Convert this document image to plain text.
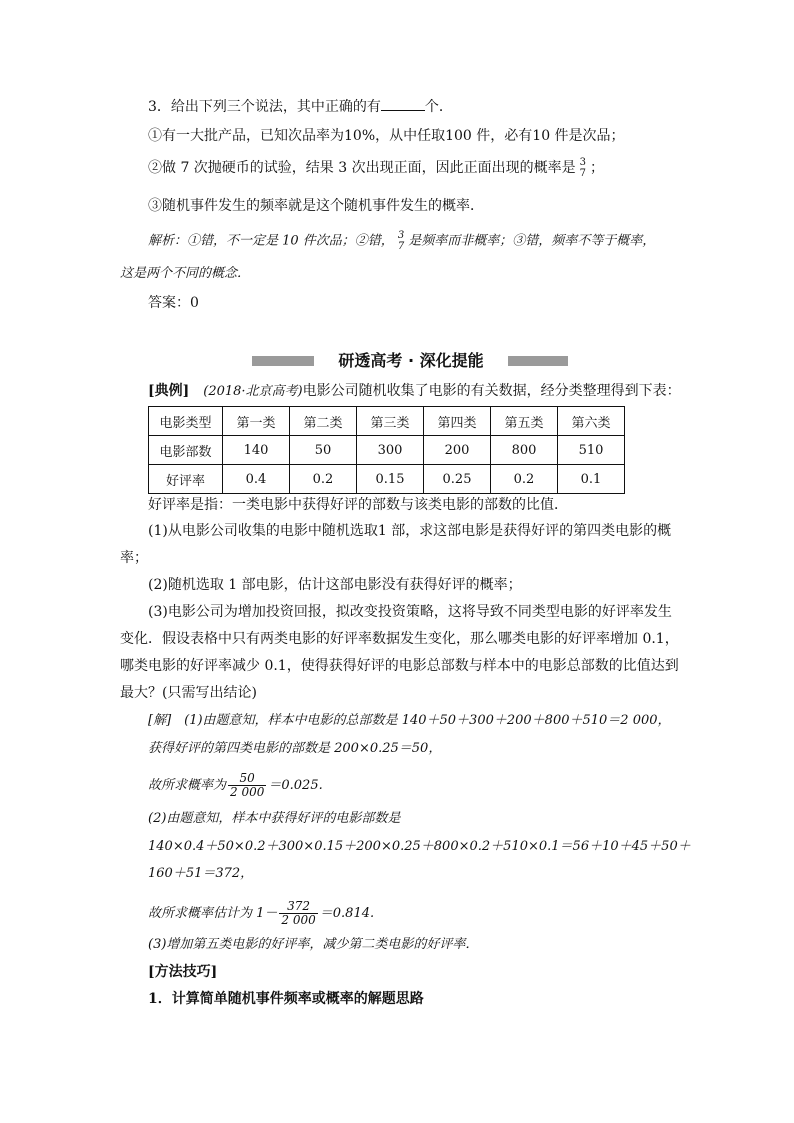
3．给出下列三个说法，其中正确的有	个．
①有一大批产品，已知次品率为10%，从中任取100 件，必有10 件是次品；
②做 7 次抛硬币的试验，结果 3 次出现正面，因此正面出现的概率是 3
7 ；
③随机事件发生的频率就是这个随机事件发生的概率．
解析：①错，不一定是 10 件次品；②错， 3
7 是频率而非概率；③错，频率不等于概率，
这是两个不同的概念．
答案：0
研透高考 · 深化提能
[典例]　 (2018·北京高考)电影公司随机收集了电影的有关数据，经分类整理得到下表：
电影类型	第一类	第二类	第三类	第四类	第五类	第六类
电影部数	140	50	300	200	800	510
好评率	0.4	0.2	0.15	0.25	0.2	0.1
好评率是指：一类电影中获得好评的部数与该类电影的部数的比值．
(1)从电影公司收集的电影中随机选取1 部，求这部电影是获得好评的第四类电影的概
率；
(2)随机选取 1 部电影，估计这部电影没有获得好评的概率；
(3)电影公司为增加投资回报，拟改变投资策略，这将导致不同类型电影的好评率发生
变化．假设表格中只有两类电影的好评率数据发生变化，那么哪类电影的好评率增加 0.1，
哪类电影的好评率减少 0.1，使得获得好评的电影总部数与样本中的电影总部数的比值达到
最大？(只需写出结论)
[解]　(1)由题意知，样本中电影的总部数是 140＋50＋300＋200＋800＋510＝2 000，
获得好评的第四类电影的部数是 200×0.25＝50，
故所求概率为 $\frac{50}{2 000} =0.025$.
(2)由题意知，样本中获得好评的电影部数是
140×0.4＋50×0.2＋300×0.15＋200×0.25＋800×0.2＋510×0.1＝56＋10＋45＋50＋
160＋51＝372，
故所求概率估计为 $1- \frac{372}{2 000} =0.814$.
(3)增加第五类电影的好评率，减少第二类电影的好评率．
[方法技巧]
1．计算简单随机事件频率或概率的解题思路
